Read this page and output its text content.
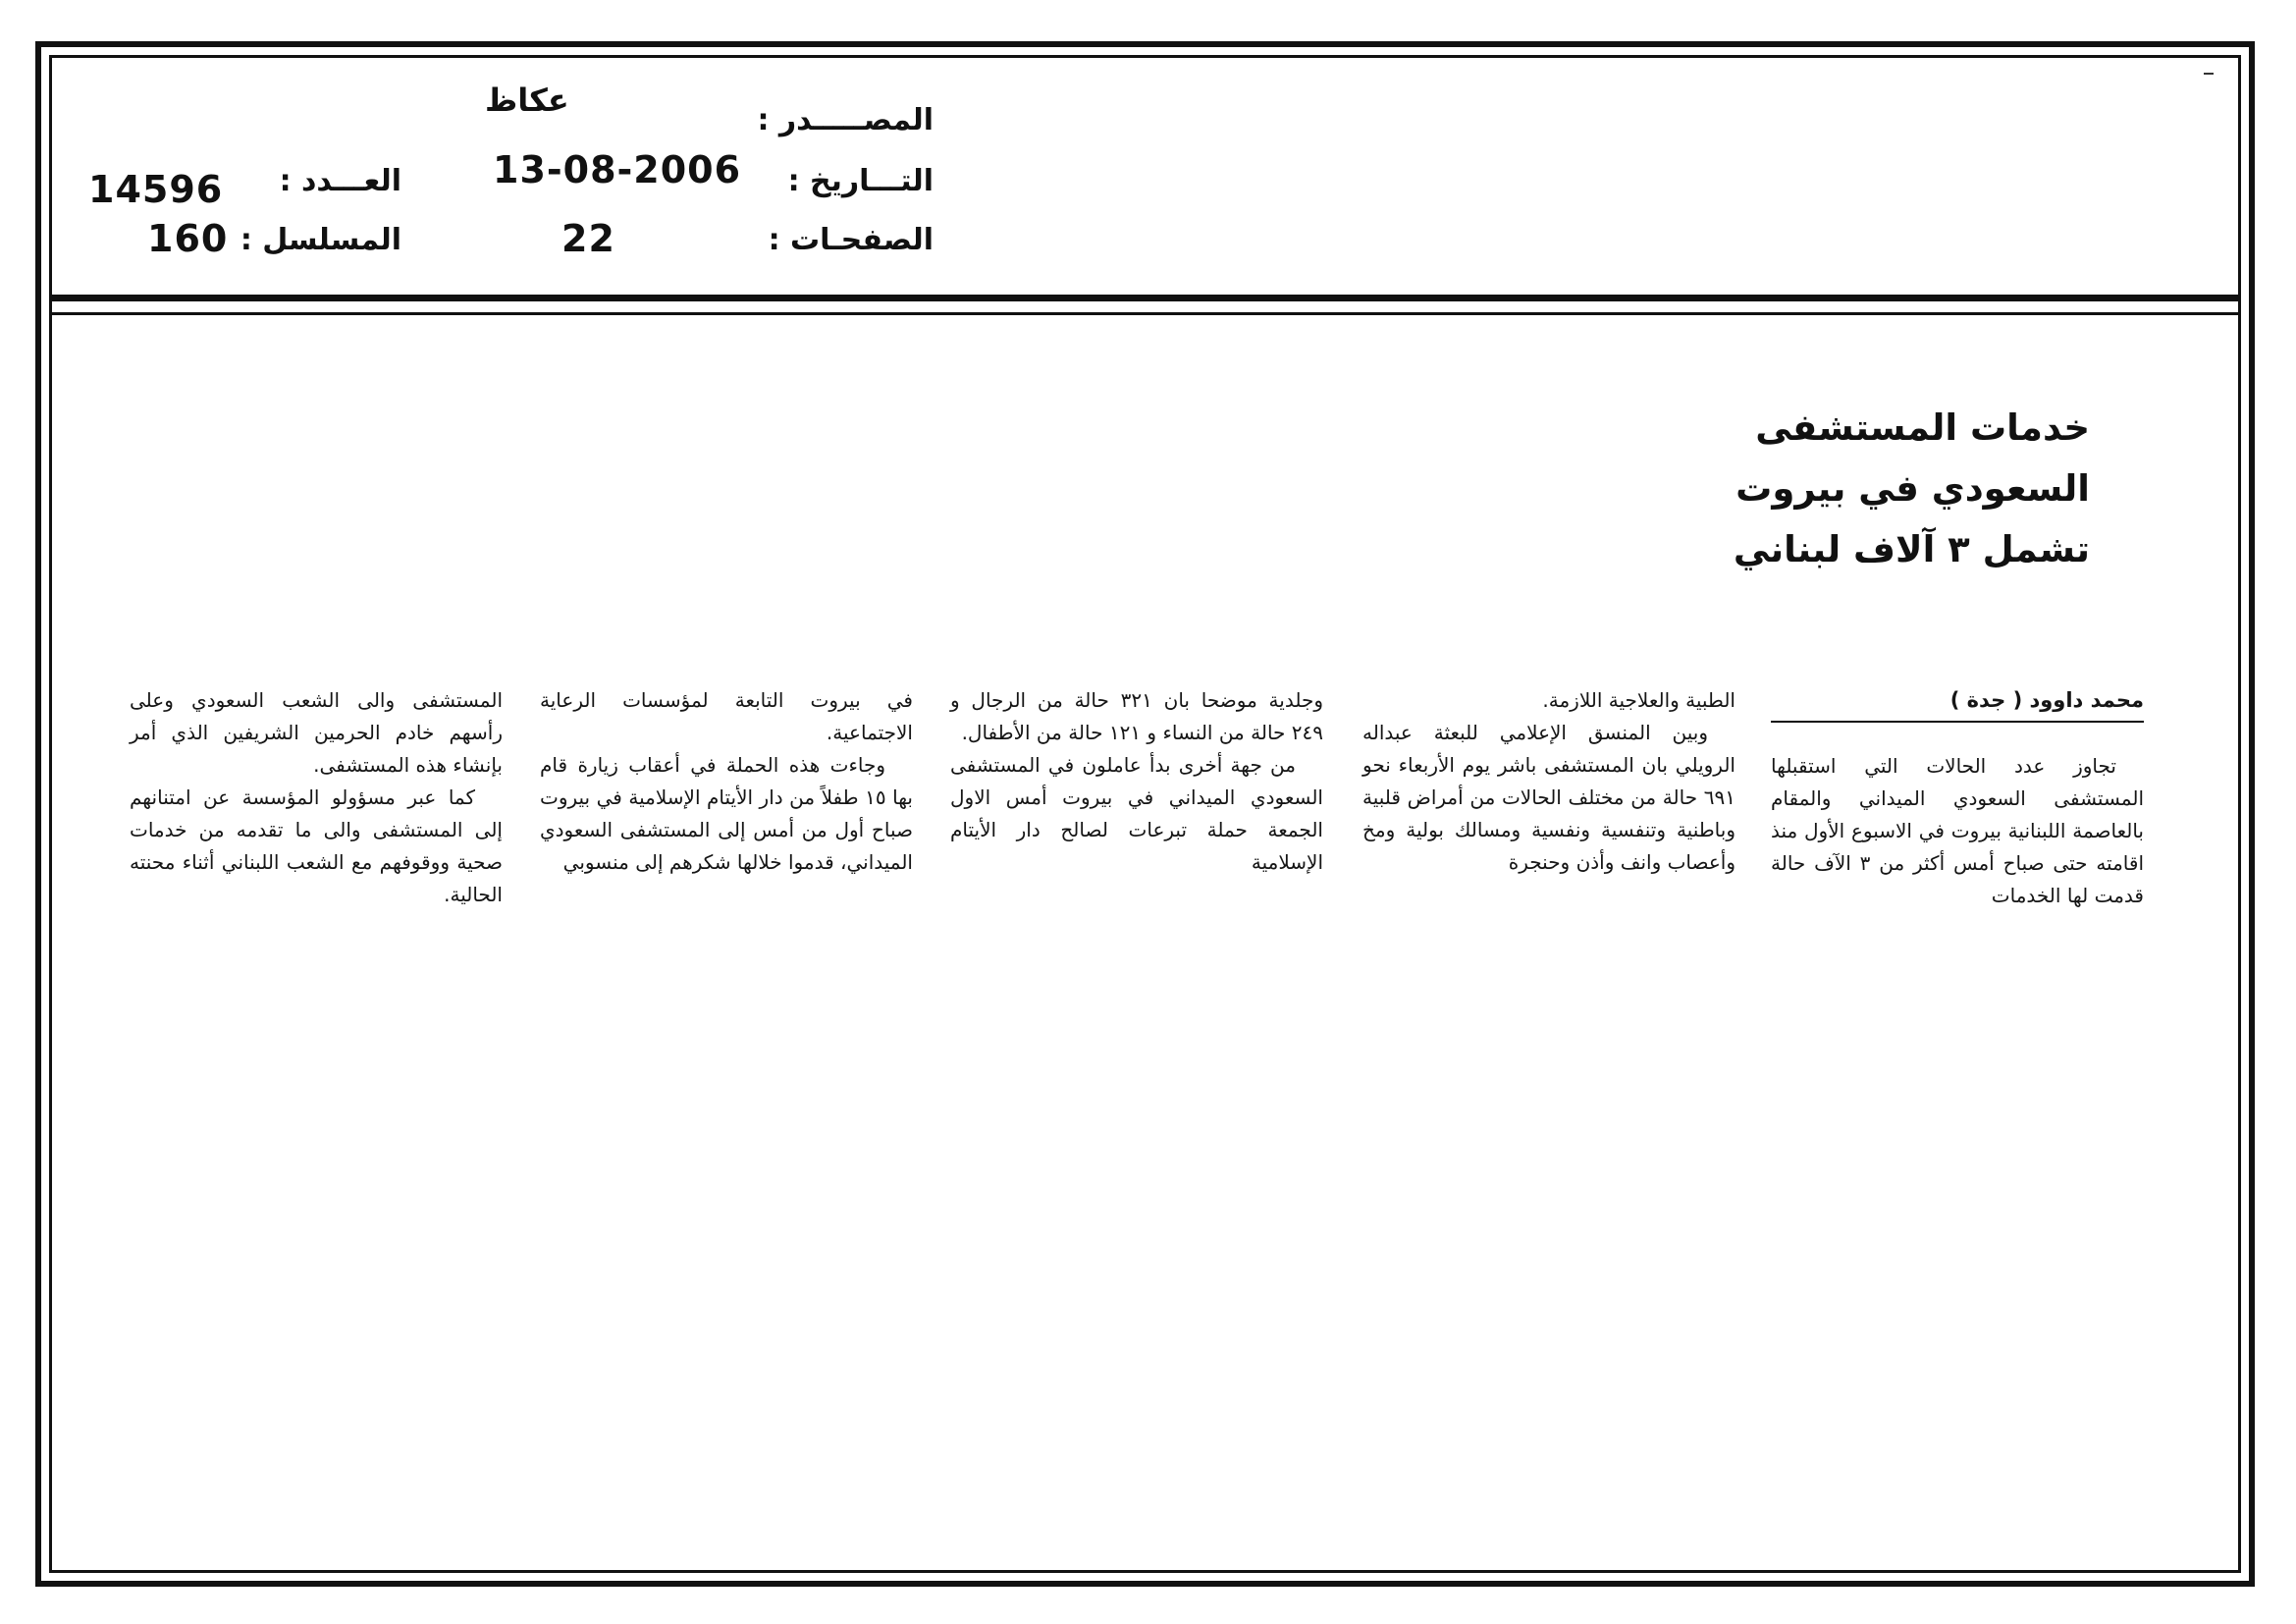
المصـــــدر :
عكاظ
التـــاريخ :
13-08-2006
الصفحـات :
22
العـــدد :
14596
المسلسل :
160
خدمات المستشفى
السعودي في بيروت
تشمل ٣ آلاف لبناني

محمد داوود ( جدة )

تجاوز عدد الحالات التي استقبلها المستشفى السعودي الميداني والمقام بالعاصمة اللبنانية بيروت في الاسبوع الأول منذ اقامته حتى صباح أمس أكثر من ٣ الآف حالة قدمت لها الخدمات

الطبية والعلاجية اللازمة.

وبين المنسق الإعلامي للبعثة عبداله الرويلي بان المستشفى باشر يوم الأربعاء نحو ٦٩١ حالة من مختلف الحالات من أمراض قلبية وباطنية وتنفسية ونفسية ومسالك بولية ومخ وأعصاب وانف وأذن وحنجرة

وجلدية موضحا بان ٣٢١ حالة من الرجال و ٢٤٩ حالة من النساء و ١٢١ حالة من الأطفال.

من جهة أخرى بدأ عاملون في المستشفى السعودي الميداني في بيروت أمس الاول الجمعة حملة تبرعات لصالح دار الأيتام الإسلامية

في بيروت التابعة لمؤسسات الرعاية الاجتماعية.

وجاءت هذه الحملة في أعقاب زيارة قام بها ١٥ طفلاً من دار الأيتام الإسلامية في بيروت صباح أول من أمس إلى المستشفى السعودي الميداني، قدموا خلالها شكرهم إلى منسوبي

المستشفى والى الشعب السعودي وعلى رأسهم خادم الحرمين الشريفين الذي أمر بإنشاء هذه المستشفى.

كما عبر مسؤولو المؤسسة عن امتنانهم إلى المستشفى والى ما تقدمه من خدمات صحية ووقوفهم مع الشعب اللبناني أثناء محنته الحالية.
